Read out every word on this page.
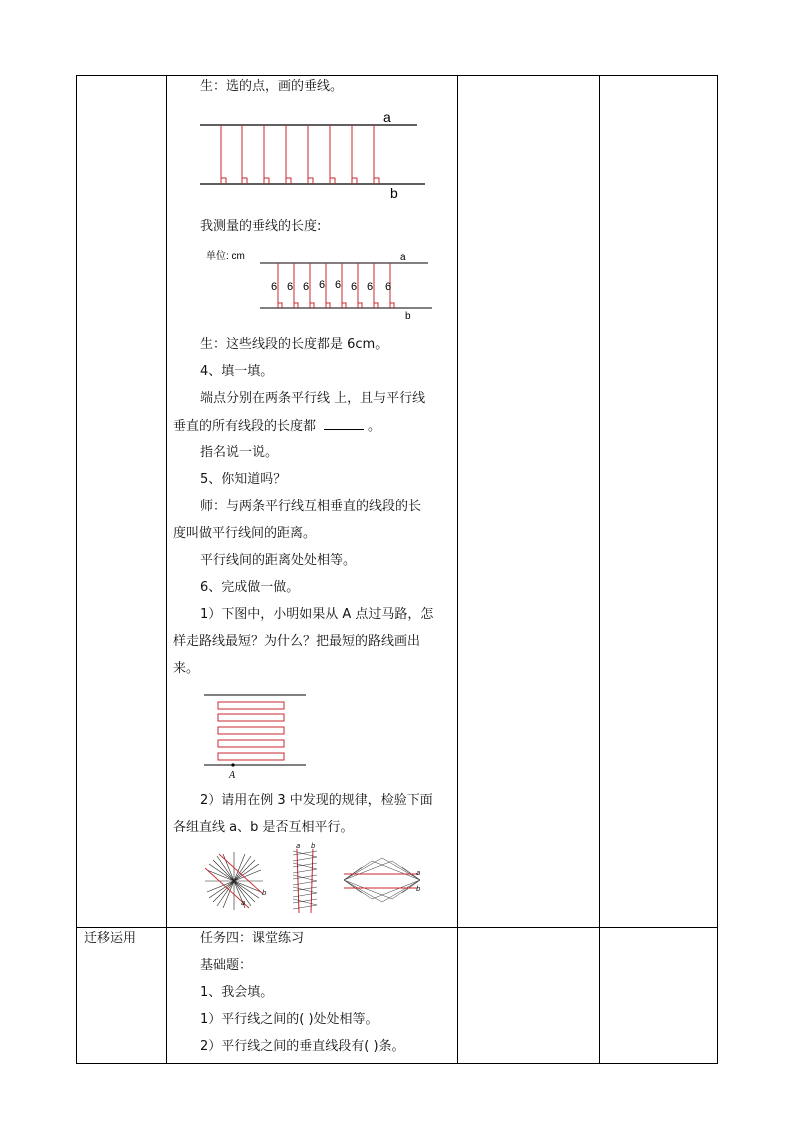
生：选的点，画的垂线。
a
b
我测量的垂线的长度:
单位: cm
6 6 6 6 6 6 6 6
a
b
生：这些线段的长度都是 6cm。
4、填一填。
端点分别在两条平行线 上，且与平行线
垂直的所有线段的长度都	。
指名说一说。
5、你知道吗？
师：与两条平行线互相垂直的线段的长
度叫做平行线间的距离。
平行线间的距离处处相等。
6、完成做一做。
1）下图中，小明如果从 A 点过马路，怎
样走路线最短？为什么？把最短的路线画出
来。
A
2）请用在例 3 中发现的规律，检验下面
各组直线 a、b 是否互相平行。
a
b
a b
a
b
迁移运用	任务四：课堂练习
基础题：
1、我会填。
1）平行线之间的( )处处相等。
2）平行线之间的垂直线段有( )条。
